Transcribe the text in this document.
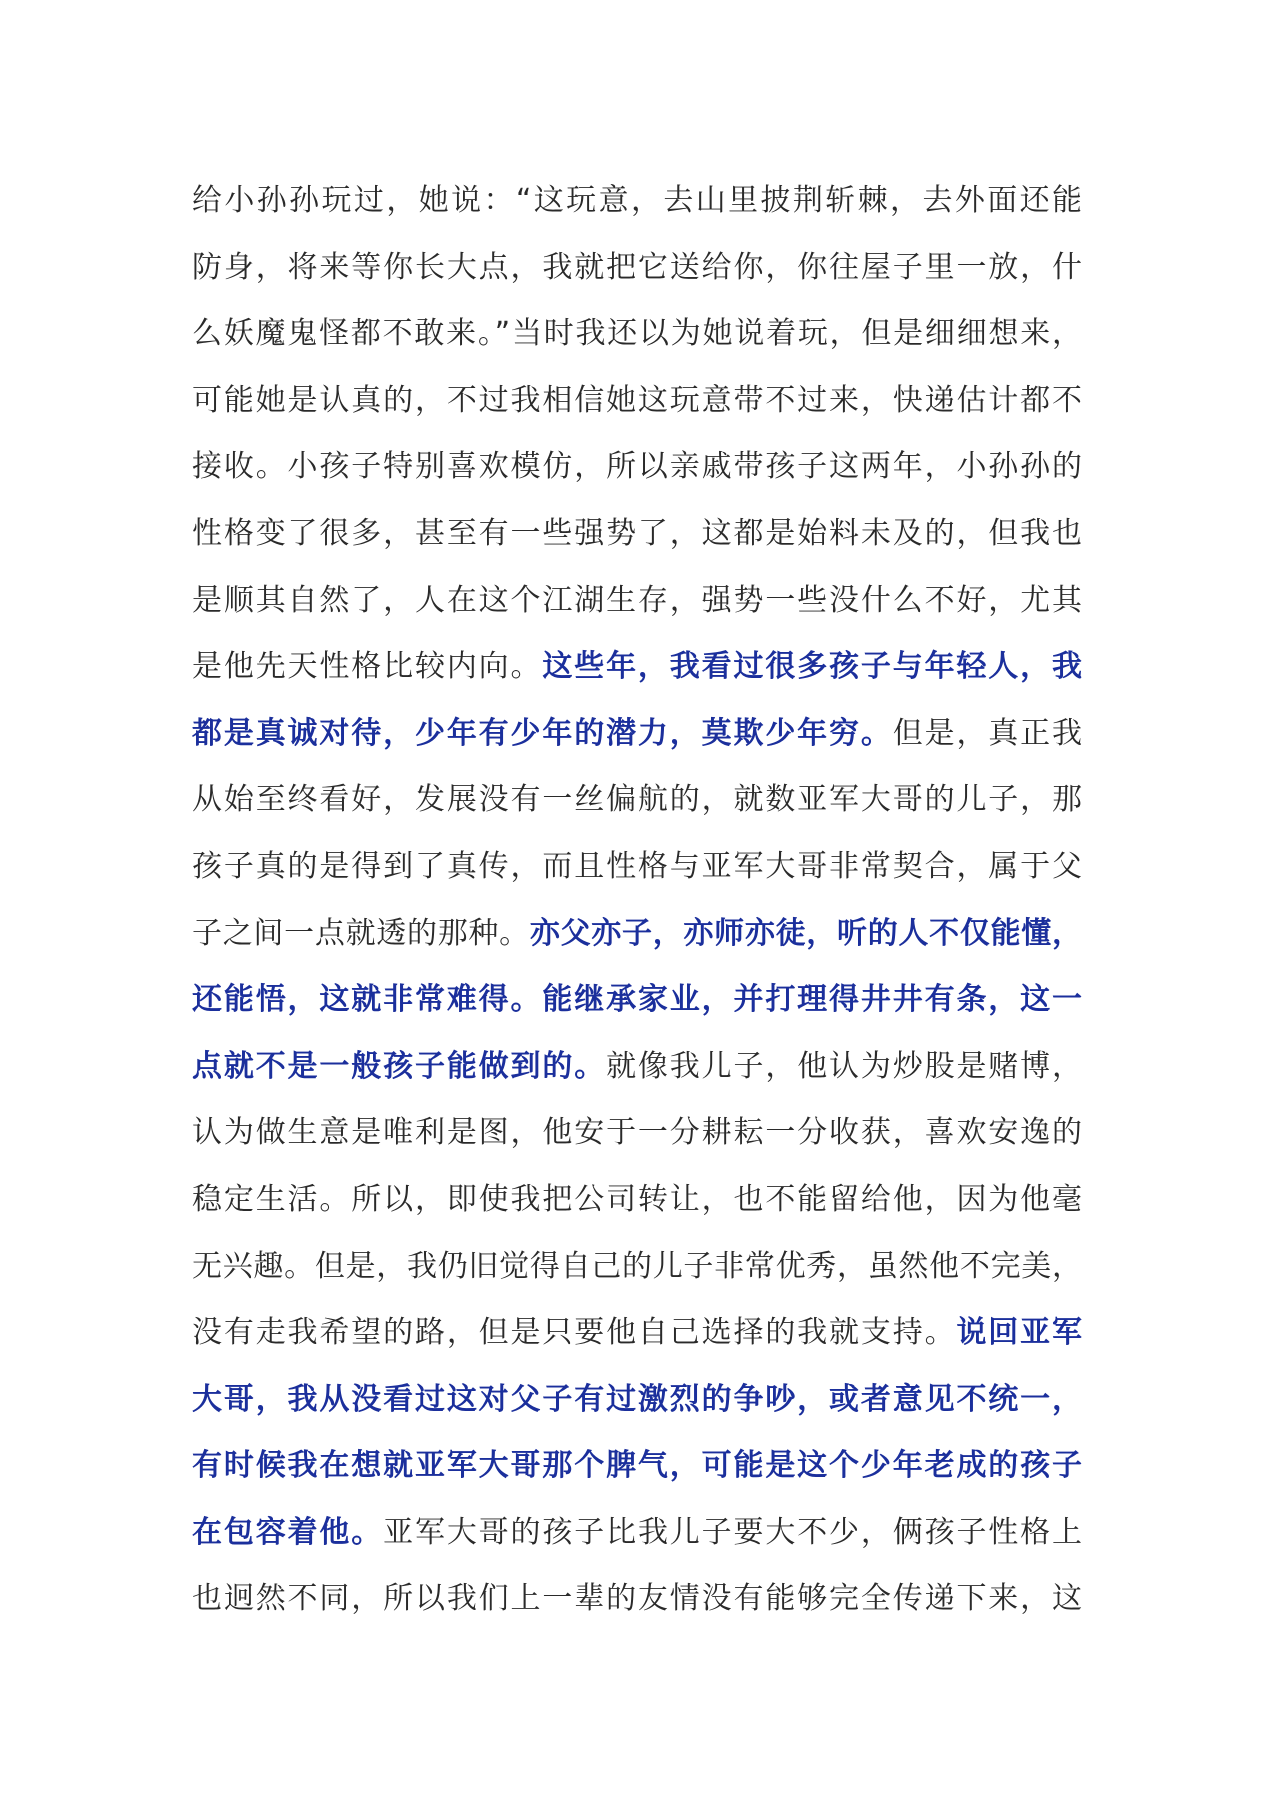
给小孙孙玩过，她说：“这玩意，去山里披荆斩棘，去外面还能
防身，将来等你长大点，我就把它送给你，你往屋子里一放，什
么妖魔鬼怪都不敢来。”当时我还以为她说着玩，但是细细想来，
可能她是认真的，不过我相信她这玩意带不过来，快递估计都不
接收。小孩子特别喜欢模仿，所以亲戚带孩子这两年，小孙孙的
性格变了很多，甚至有一些强势了，这都是始料未及的，但我也
是顺其自然了，人在这个江湖生存，强势一些没什么不好，尤其
是他先天性格比较内向。这些年，我看过很多孩子与年轻人，我
都是真诚对待，少年有少年的潜力，莫欺少年穷。但是，真正我
从始至终看好，发展没有一丝偏航的，就数亚军大哥的儿子，那
孩子真的是得到了真传，而且性格与亚军大哥非常契合，属于父
子之间一点就透的那种。亦父亦子，亦师亦徒，听的人不仅能懂，
还能悟，这就非常难得。能继承家业，并打理得井井有条，这一
点就不是一般孩子能做到的。就像我儿子，他认为炒股是赌博，
认为做生意是唯利是图，他安于一分耕耘一分收获，喜欢安逸的
稳定生活。所以，即使我把公司转让，也不能留给他，因为他毫
无兴趣。但是，我仍旧觉得自己的儿子非常优秀，虽然他不完美，
没有走我希望的路，但是只要他自己选择的我就支持。说回亚军
大哥，我从没看过这对父子有过激烈的争吵，或者意见不统一，
有时候我在想就亚军大哥那个脾气，可能是这个少年老成的孩子
在包容着他。亚军大哥的孩子比我儿子要大不少，俩孩子性格上
也迥然不同，所以我们上一辈的友情没有能够完全传递下来，这
